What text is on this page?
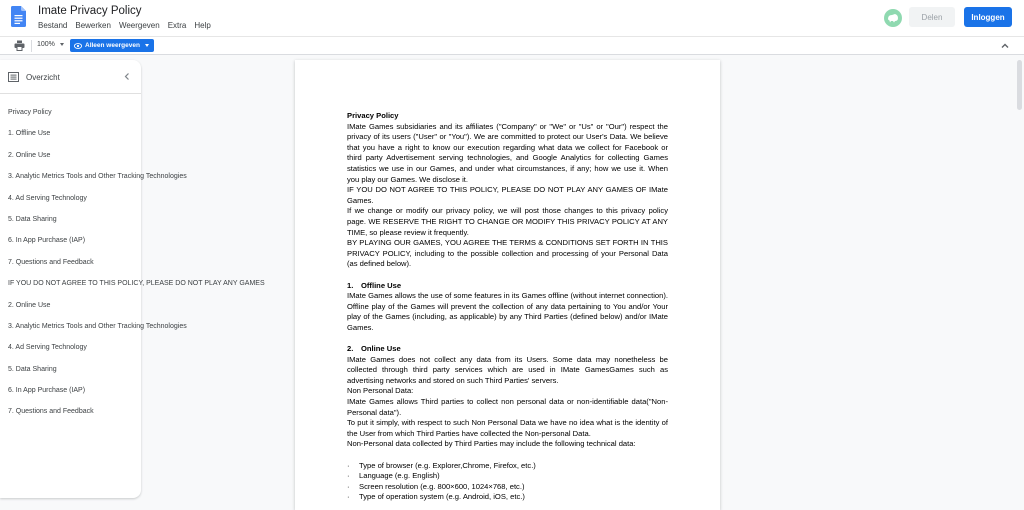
Imate Privacy Policy
Bestand Bewerken Weergeven Extra Help
Delen	Inloggen
100%	Alleen weergeven
Overzicht
Privacy Policy
1. Offline Use
2. Online Use
3. Analytic Metrics Tools and Other Tracking Technologies
4. Ad Serving Technology
5. Data Sharing
6. In App Purchase (IAP)
7. Questions and Feedback
IF YOU DO NOT AGREE TO THIS POLICY, PLEASE DO NOT PLAY ANY GAMES
2. Online Use
3. Analytic Metrics Tools and Other Tracking Technologies
4. Ad Serving Technology
5. Data Sharing
6. In App Purchase (IAP)
7. Questions and Feedback
Privacy Policy

IMate Games subsidiaries and its affiliates ("Company" or "We" or "Us" or "Our") respect the privacy of its users ("User" or "You"). We are committed to protect our User's Data. We believe that you have a right to know our execution regarding what data we collect for Facebook or third party Advertisement serving technologies, and Google Analytics for collecting Games statistics we use in our Games, and under what circumstances, if any; how we use it. When you play our Games. We disclose it.

IF YOU DO NOT AGREE TO THIS POLICY, PLEASE DO NOT PLAY ANY GAMES OF IMate Games.

If we change or modify our privacy policy, we will post those changes to this privacy policy page. WE RESERVE THE RIGHT TO CHANGE OR MODIFY THIS PRIVACY POLICY AT ANY TIME, so please review it frequently.

BY PLAYING OUR GAMES, YOU AGREE THE TERMS & CONDITIONS SET FORTH IN THIS PRIVACY POLICY, including to the possible collection and processing of your Personal Data (as defined below).

1.	Offline Use

IMate Games allows the use of some features in its Games offline (without internet connection). Offline play of the Games will prevent the collection of any data pertaining to You and/or Your play of the Games (including, as applicable) by any Third Parties (defined below) and/or IMate Games.

2.	Online Use

IMate Games does not collect any data from its Users. Some data may nonetheless be collected through third party services which are used in IMate GamesGames such as advertising networks and stored on such Third Parties' servers.

Non Personal Data:

IMate Games allows Third parties to collect non personal data or non-identifiable data("Non-Personal data").

To put it simply, with respect to such Non Personal Data we have no idea what is the identity of the User from which Third Parties have collected the Non-personal Data.

Non-Personal data collected by Third Parties may include the following technical data:

·	Type of browser (e.g. Explorer,Chrome, Firefox, etc.)
·	Language (e.g. English)
·	Screen resolution (e.g. 800×600, 1024×768, etc.)
·	Type of operation system (e.g. Android, iOS, etc.)
